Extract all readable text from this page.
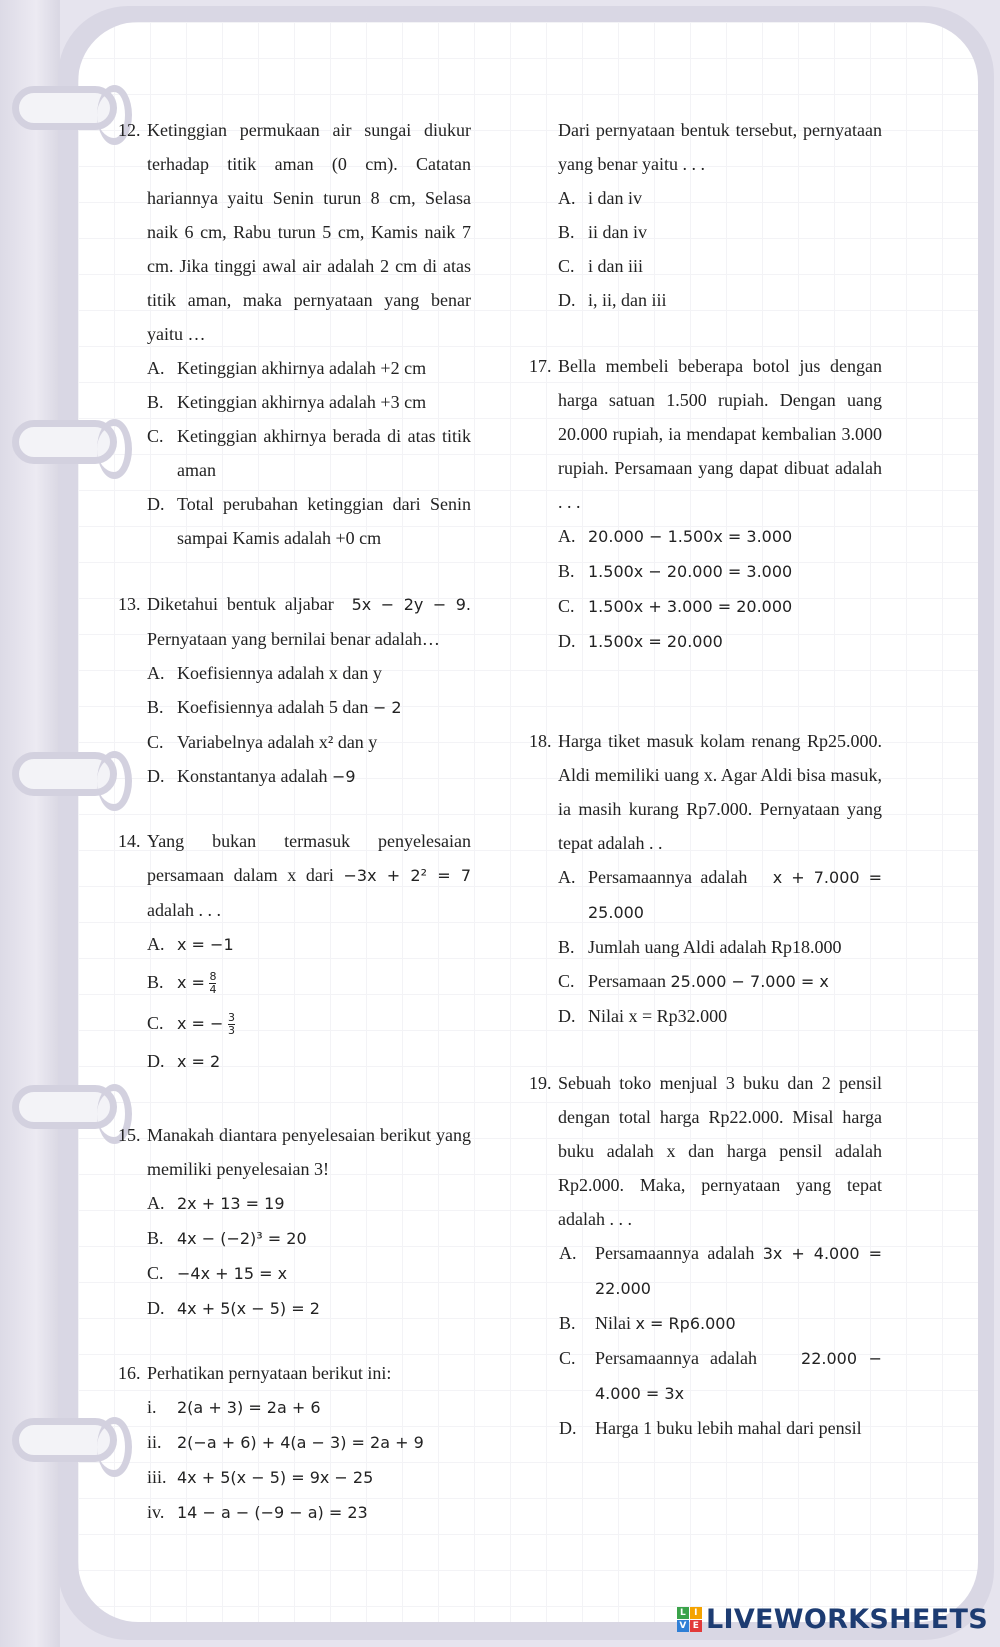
12. Ketinggian permukaan air sungai diukur terhadap titik aman (0 cm). Catatan hariannya yaitu Senin turun 8 cm, Selasa naik 6 cm, Rabu turun 5 cm, Kamis naik 7 cm. Jika tinggi awal air adalah 2 cm di atas titik aman, maka pernyataan yang benar yaitu …
A. Ketinggian akhirnya adalah +2 cm
B. Ketinggian akhirnya adalah +3 cm
C. Ketinggian akhirnya berada di atas titik aman
D. Total perubahan ketinggian dari Senin sampai Kamis adalah +0 cm
13. Diketahui bentuk aljabar 5x − 2y − 9. Pernyataan yang bernilai benar adalah…
A. Koefisiennya adalah x dan y
B. Koefisiennya adalah 5 dan − 2
C. Variabelnya adalah x² dan y
D. Konstantanya adalah −9
14. Yang bukan termasuk penyelesaian persamaan dalam x dari −3x + 2² = 7 adalah . . .
A. x = −1
B. $x = \frac{8}{4}$
C. x = − $\frac{3}{3}$
D. x = 2
15. Manakah diantara penyelesaian berikut yang memiliki penyelesaian 3!
A. 2x + 13 = 19
B. 4x − (−2)³ = 20
C. −4x + 15 = x
D. 4x + 5(x − 5) = 2
16. Perhatikan pernyataan berikut ini:
i. 2(a + 3) = 2a + 6
ii. 2(−a + 6) + 4(a − 3) = 2a + 9
iii. 4x + 5(x − 5) = 9x − 25
iv. 14 − a − (−9 − a) = 23
Dari pernyataan bentuk tersebut, pernyataan yang benar yaitu . . .
A. i dan iv
B. ii dan iv
C. i dan iii
D. i, ii, dan iii
17. Bella membeli beberapa botol jus dengan harga satuan 1.500 rupiah. Dengan uang 20.000 rupiah, ia mendapat kembalian 3.000 rupiah. Persamaan yang dapat dibuat adalah . . .
A. 20.000 − 1.500x = 3.000
B. 1.500x − 20.000 = 3.000
C. 1.500x + 3.000 = 20.000
D. 1.500x = 20.000
18. Harga tiket masuk kolam renang Rp25.000. Aldi memiliki uang x. Agar Aldi bisa masuk, ia masih kurang Rp7.000. Pernyataan yang tepat adalah . .
A. Persamaannya adalah x + 7.000 = 25.000
B. Jumlah uang Aldi adalah Rp18.000
C. Persamaan 25.000 − 7.000 = x
D. Nilai x = Rp32.000
19. Sebuah toko menjual 3 buku dan 2 pensil dengan total harga Rp22.000. Misal harga buku adalah x dan harga pensil adalah Rp2.000. Maka, pernyataan yang tepat adalah . . .
A. Persamaannya adalah 3x + 4.000 = 22.000
B. Nilai x = Rp6.000
C. Persamaannya adalah	22.000 − 4.000 = 3x
D. Harga 1 buku lebih mahal dari pensil
L I
V E LIVEWORKSHEETS
